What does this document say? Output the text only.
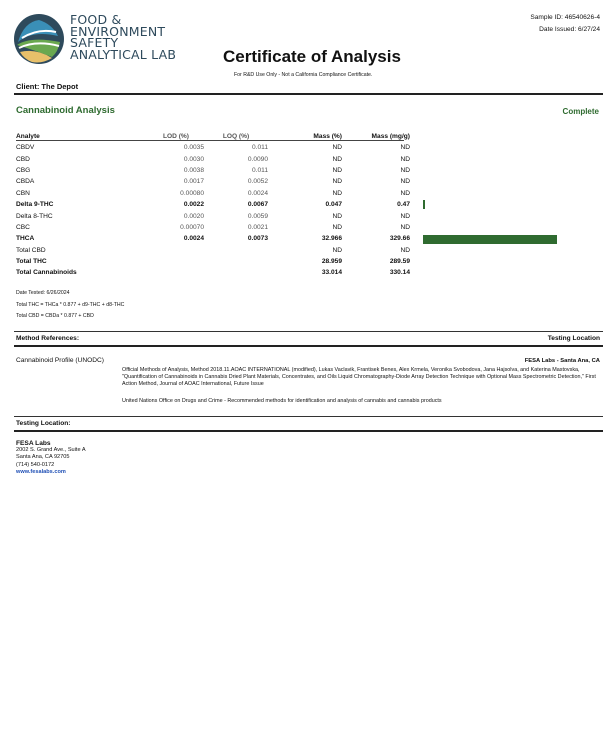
FOOD &
ENVIRONMENT
SAFETY
ANALYTICAL LAB	Certificate of Analysis
For R&D Use Only - Not a California Compliance Certificate.
Sample ID: 46540626-4
Date Issued: 6/27/24
Client: The Depot
Cannabinoid Analysis	Complete
Analyte	LOD (%)	LOQ (%)	Mass (%)	Mass (mg/g)		
CBDV	0.0035	0.011	ND	ND		
CBD	0.0030	0.0090	ND	ND		
CBG	0.0038	0.011	ND	ND		
CBDA	0.0017	0.0052	ND	ND		
CBN	0.00080	0.0024	ND	ND		
Delta 9-THC	0.0022	0.0067	0.047	0.47		

Delta 8-THC	0.0020	0.0059	ND	ND		
CBC	0.00070	0.0021	ND	ND		
THCA	0.0024	0.0073	32.966	329.66		

Total CBD			ND	ND		
Total THC			28.959	289.59		
Total Cannabinoids			33.014	330.14		
Date Tested: 6/26/2024
Total THC = THCa * 0.877 + d9-THC + d8-THC
Total CBD = CBDa * 0.877 + CBD
Method References:	Testing Location
Cannabinoid Profile (UNODC)	FESA Labs - Santa Ana, CA
Official Methods of Analysis, Method 2018.11.AOAC INTERNATIONAL (modified), Lukas Vaclavik, Frantisek Benes, Alex Krmela, Veronika Svobodova, Jana Hajsolva, and Katerina Mastovska, "Quantification of Cannabinoids in Cannabis Dried Plant Materials, Concentrates, and Oils Liquid Chromatography-Diode Array Detection Technique with Optional Mass Spectrometric Detection," First Action Method, Journal of AOAC International, Future Issue
United Nations Office on Drugs and Crime - Recommended methods for identification and analysis of cannabis and cannabis products
Testing Location:
FESA Labs
2002 S. Grand Ave., Suite A
Santa Ana, CA 92705
(714) 540-0172
www.fesalabs.com
